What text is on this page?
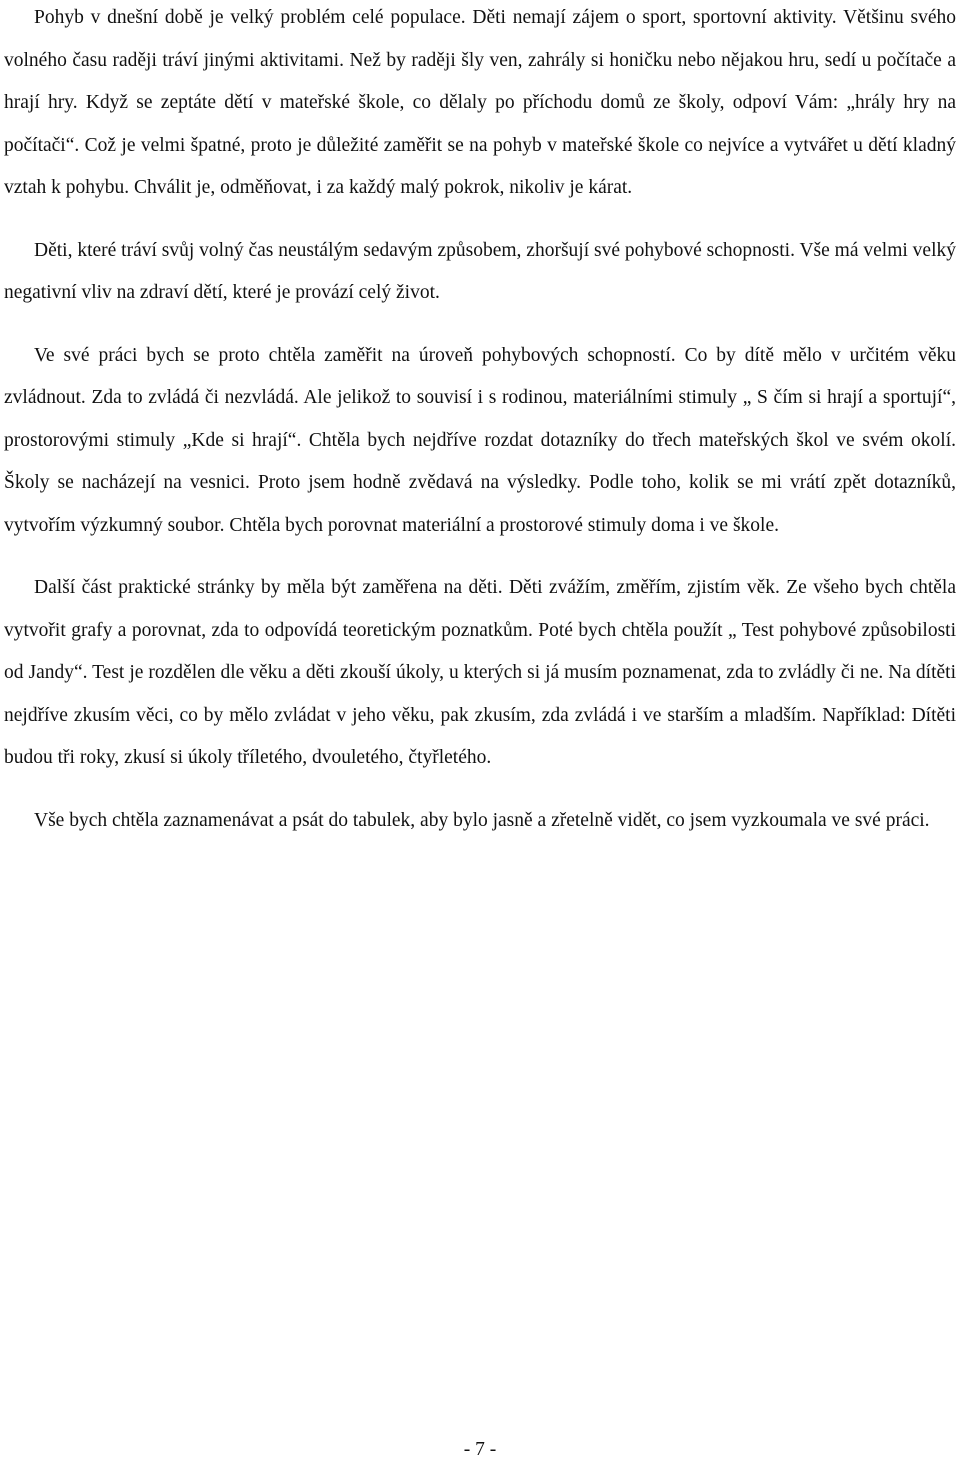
Pohyb v dnešní době je velký problém celé populace. Děti nemají zájem o sport, sportovní aktivity. Většinu svého volného času raději tráví jinými aktivitami. Než by raději šly ven, zahrály si honičku nebo nějakou hru, sedí u počítače a hrají hry. Když se zeptáte dětí v mateřské škole, co dělaly po příchodu domů ze školy, odpoví Vám: „hrály hry na počítači“. Což je velmi špatné, proto je důležité zaměřit se na pohyb v mateřské škole co nejvíce a vytvářet u dětí kladný vztah k pohybu. Chválit je, odměňovat, i za každý malý pokrok, nikoliv je kárat.

Děti, které tráví svůj volný čas neustálým sedavým způsobem, zhoršují své pohybové schopnosti. Vše má velmi velký negativní vliv na zdraví dětí, které je provází celý život.

Ve své práci bych se proto chtěla zaměřit na úroveň pohybových schopností. Co by dítě mělo v určitém věku zvládnout. Zda to zvládá či nezvládá. Ale jelikož to souvisí i s rodinou, materiálními stimuly „ S čím si hrají a sportují“, prostorovými stimuly „Kde si hrají“. Chtěla bych nejdříve rozdat dotazníky do třech mateřských škol ve svém okolí. Školy se nacházejí na vesnici. Proto jsem hodně zvědavá na výsledky. Podle toho, kolik se mi vrátí zpět dotazníků, vytvořím výzkumný soubor. Chtěla bych porovnat materiální a prostorové stimuly doma i ve škole.

Další část praktické stránky by měla být zaměřena na děti. Děti zvážím, změřím, zjistím věk. Ze všeho bych chtěla vytvořit grafy a porovnat, zda to odpovídá teoretickým poznatkům. Poté bych chtěla použít „ Test pohybové způsobilosti od Jandy“. Test je rozdělen dle věku a děti zkouší úkoly, u kterých si já musím poznamenat, zda to zvládly či ne. Na dítěti nejdříve zkusím věci, co by mělo zvládat v jeho věku, pak zkusím, zda zvládá i ve starším a mladším. Například: Dítěti budou tři roky, zkusí si úkoly tříletého, dvouletého, čtyřletého.

Vše bych chtěla zaznamenávat a psát do tabulek, aby bylo jasně a zřetelně vidět, co jsem vyzkoumala ve své práci.

- 7 -
